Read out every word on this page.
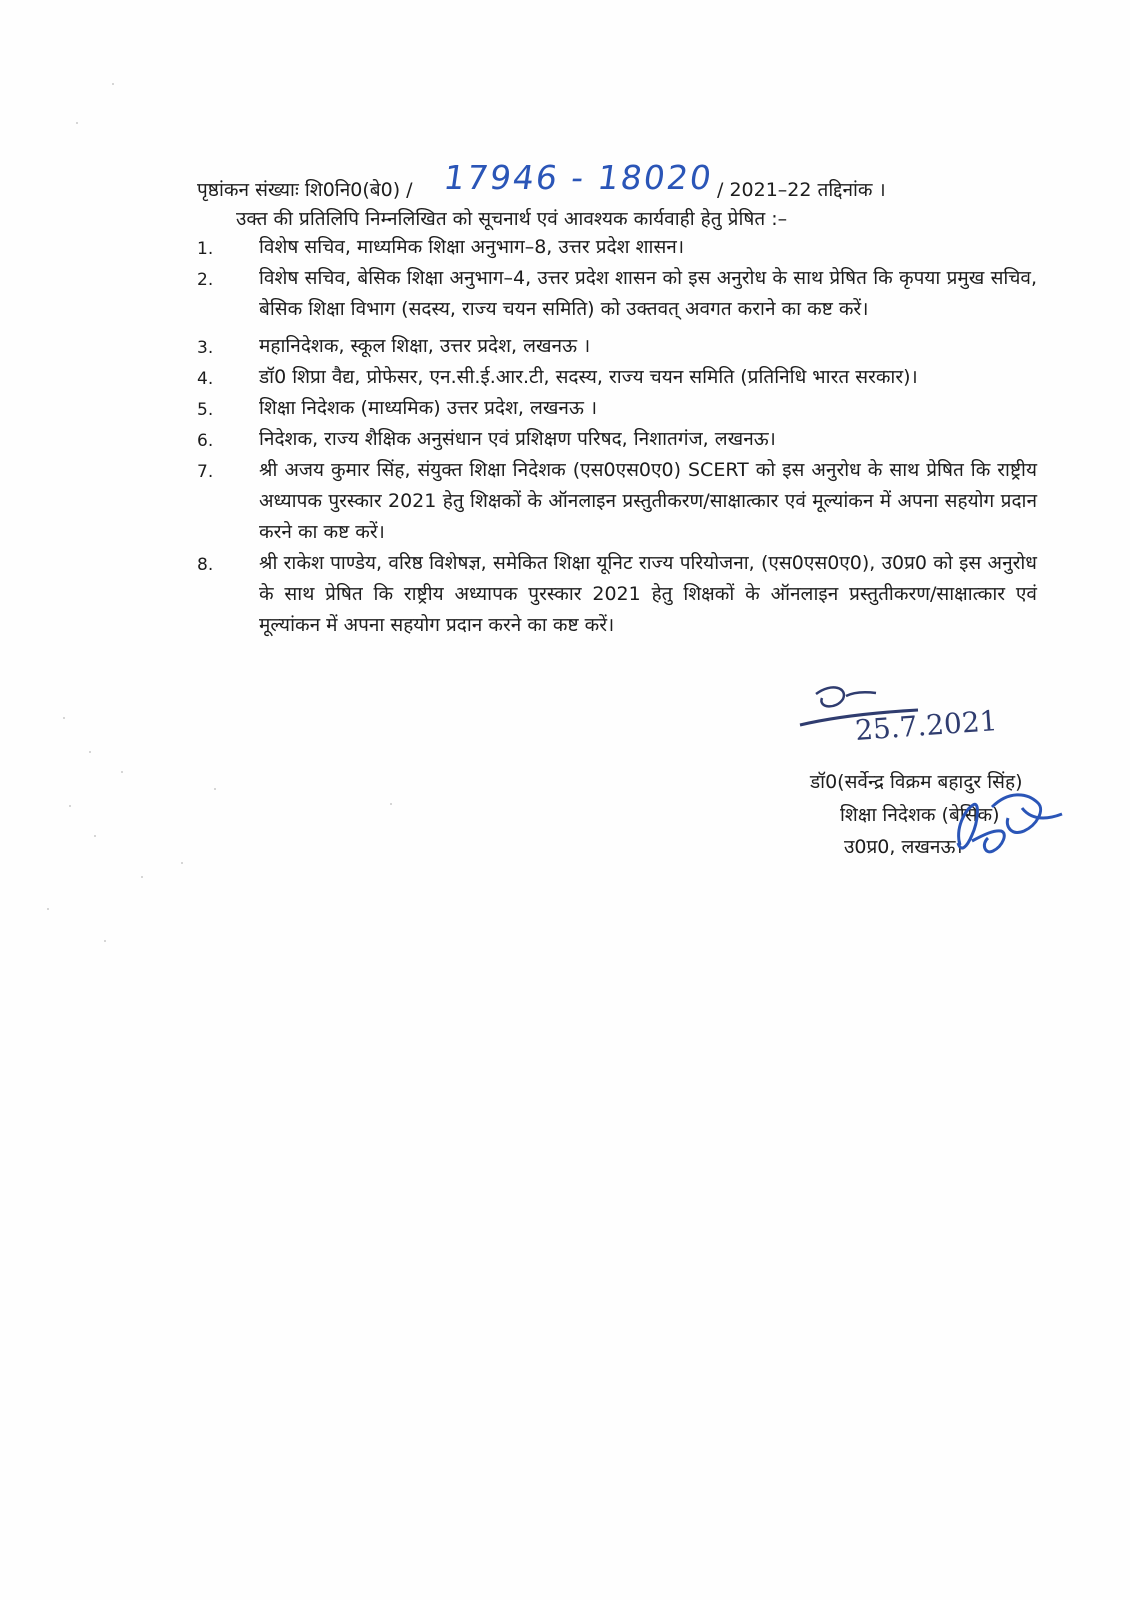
पृष्ठांकन संख्याः शि0नि0(बे0) / 17946 - 18020 / 2021–22 तद्दिनांक ।
उक्त की प्रतिलिपि निम्नलिखित को सूचनार्थ एवं आवश्यक कार्यवाही हेतु प्रेषित :–
1.	विशेष सचिव, माध्यमिक शिक्षा अनुभाग–8, उत्तर प्रदेश शासन।
2.	विशेष सचिव, बेसिक शिक्षा अनुभाग–4, उत्तर प्रदेश शासन को इस अनुरोध के साथ प्रेषित कि कृपया प्रमुख सचिव, बेसिक शिक्षा विभाग (सदस्य, राज्य चयन समिति) को उक्तवत् अवगत कराने का कष्ट करें।
3.	महानिदेशक, स्कूल शिक्षा, उत्तर प्रदेश, लखनऊ ।
4.	डॉ0 शिप्रा वैद्य, प्रोफेसर, एन.सी.ई.आर.टी, सदस्य, राज्य चयन समिति (प्रतिनिधि भारत सरकार)।
5.	शिक्षा निदेशक (माध्यमिक) उत्तर प्रदेश, लखनऊ ।
6.	निदेशक, राज्य शैक्षिक अनुसंधान एवं प्रशिक्षण परिषद, निशातगंज, लखनऊ।
7.	श्री अजय कुमार सिंह, संयुक्त शिक्षा निदेशक (एस0एस0ए0) SCERT को इस अनुरोध के साथ प्रेषित कि राष्ट्रीय अध्यापक पुरस्कार 2021 हेतु शिक्षकों के ऑनलाइन प्रस्तुतीकरण/साक्षात्कार एवं मूल्यांकन में अपना सहयोग प्रदान करने का कष्ट करें।
8.	श्री राकेश पाण्डेय, वरिष्ठ विशेषज्ञ, समेकित शिक्षा यूनिट राज्य परियोजना, (एस0एस0ए0), उ0प्र0 को इस अनुरोध के साथ प्रेषित कि राष्ट्रीय अध्यापक पुरस्कार 2021 हेतु शिक्षकों के ऑनलाइन प्रस्तुतीकरण/साक्षात्कार एवं मूल्यांकन में अपना सहयोग प्रदान करने का कष्ट करें।
25.7.2021
डॉ0(सर्वेन्द्र विक्रम बहादुर सिंह)
शिक्षा निदेशक (बेसिक)
उ0प्र0, लखनऊ।
